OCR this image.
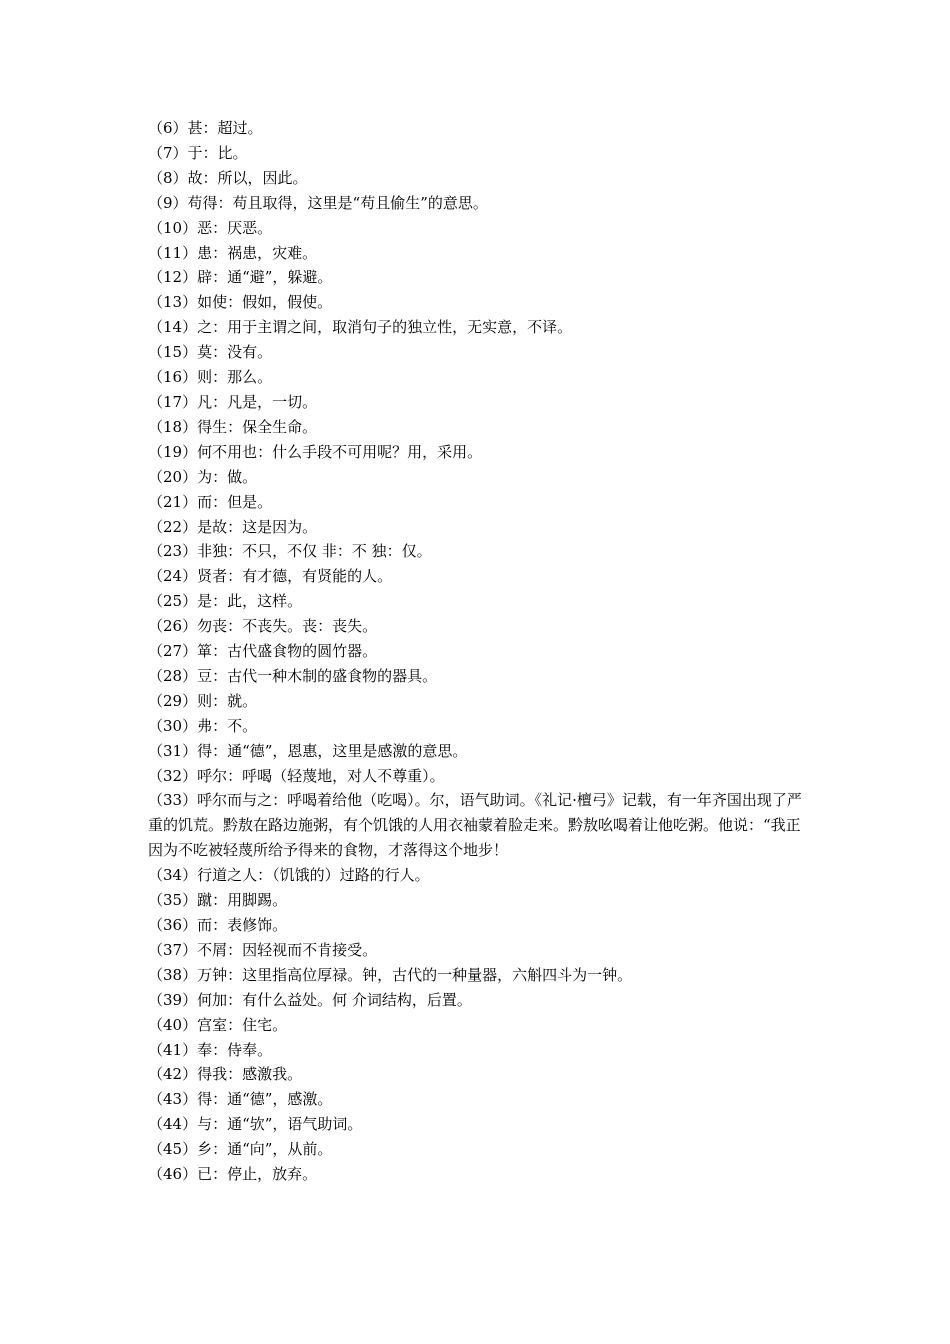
（6）甚：超过。

（7）于：比。

（8）故：所以，因此。

（9）苟得：苟且取得，这里是“苟且偷生”的意思。

（10）恶：厌恶。

（11）患：祸患，灾难。

（12）辟：通“避”，躲避。

（13）如使：假如，假使。

（14）之：用于主谓之间，取消句子的独立性，无实意，不译。

（15）莫：没有。

（16）则：那么。

（17）凡：凡是，一切。

（18）得生：保全生命。

（19）何不用也：什么手段不可用呢？用，采用。

（20）为：做。

（21）而：但是。

（22）是故：这是因为。

（23）非独：不只，不仅 非：不 独：仅。

（24）贤者：有才德，有贤能的人。

（25）是：此，这样。

（26）勿丧：不丧失。丧：丧失。

（27）箪：古代盛食物的圆竹器。

（28）豆：古代一种木制的盛食物的器具。

（29）则：就。

（30）弗：不。

（31）得：通“德”，恩惠，这里是感激的意思。

（32）呼尔：呼喝（轻蔑地，对人不尊重）。

（33）呼尔而与之：呼喝着给他（吃喝）。尔，语气助词。《礼记·檀弓》记载，有一年齐国出现了严重的饥荒。黔敖在路边施粥，有个饥饿的人用衣袖蒙着脸走来。黔敖吆喝着让他吃粥。他说：“我正因为不吃被轻蔑所给予得来的食物，才落得这个地步！

（34）行道之人：（饥饿的）过路的行人。

（35）蹴：用脚踢。

（36）而：表修饰。

（37）不屑：因轻视而不肯接受。

（38）万钟：这里指高位厚禄。钟，古代的一种量器，六斛四斗为一钟。

（39）何加：有什么益处。何 介词结构，后置。

（40）宫室：住宅。

（41）奉：侍奉。

（42）得我：感激我。

（43）得：通“德”，感激。

（44）与：通“欤”，语气助词。

（45）乡：通“向”，从前。

（46）已：停止，放弃。
